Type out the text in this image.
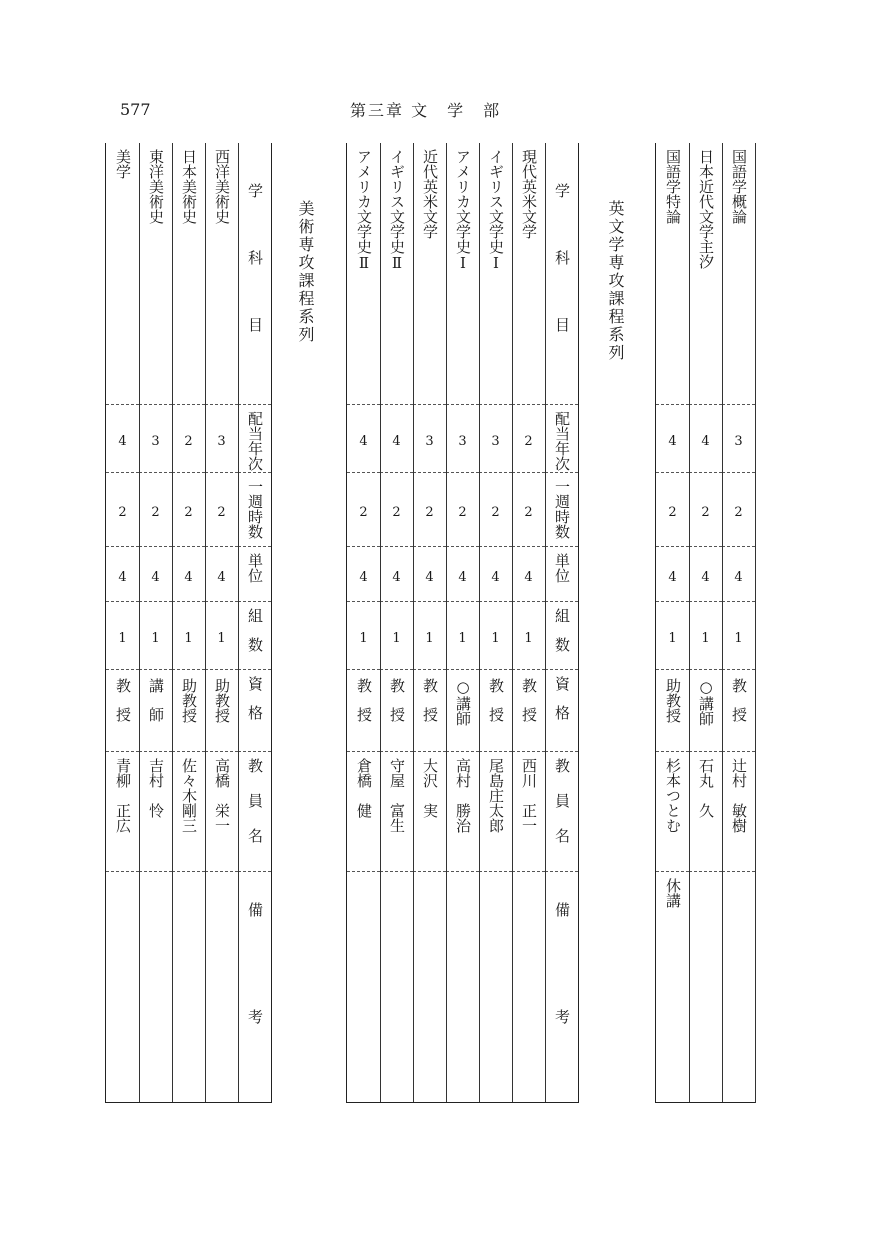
577	第三章 文　学　部
国語学概論
3
2
4
1
教授
辻村　敏樹
日本近代文学主汐
4
2
4
1
○講師
石丸　久
国語学特論
4
2
4
1
助教授
杉本つとむ
休講
学科目
配当年次
一週時数
単位
組数
資格
教員名
備考
現代英米文学
2
2
4
1
教授
西川　正一
イギリス文学史Ⅰ
3
2
4
1
教授
尾島庄太郎
アメリカ文学史Ⅰ
3
2
4
1
○講師
高村　勝治
近代英米文学
3
2
4
1
教授
大沢　実
イギリス文学史Ⅱ
4
2
4
1
教授
守屋　富生
アメリカ文学史Ⅱ
4
2
4
1
教授
倉橋　健
英文学専攻課程系列
学科目
配当年次
一週時数
単位
組数
資格
教員名
備考
西洋美術史
3
2
4
1
助教授
高橋　栄一
日本美術史
2
2
4
1
助教授
佐々木剛三
東洋美術史
3
2
4
1
講師
吉村　怜
美学
4
2
4
1
教授
青柳　正広
美術専攻課程系列
